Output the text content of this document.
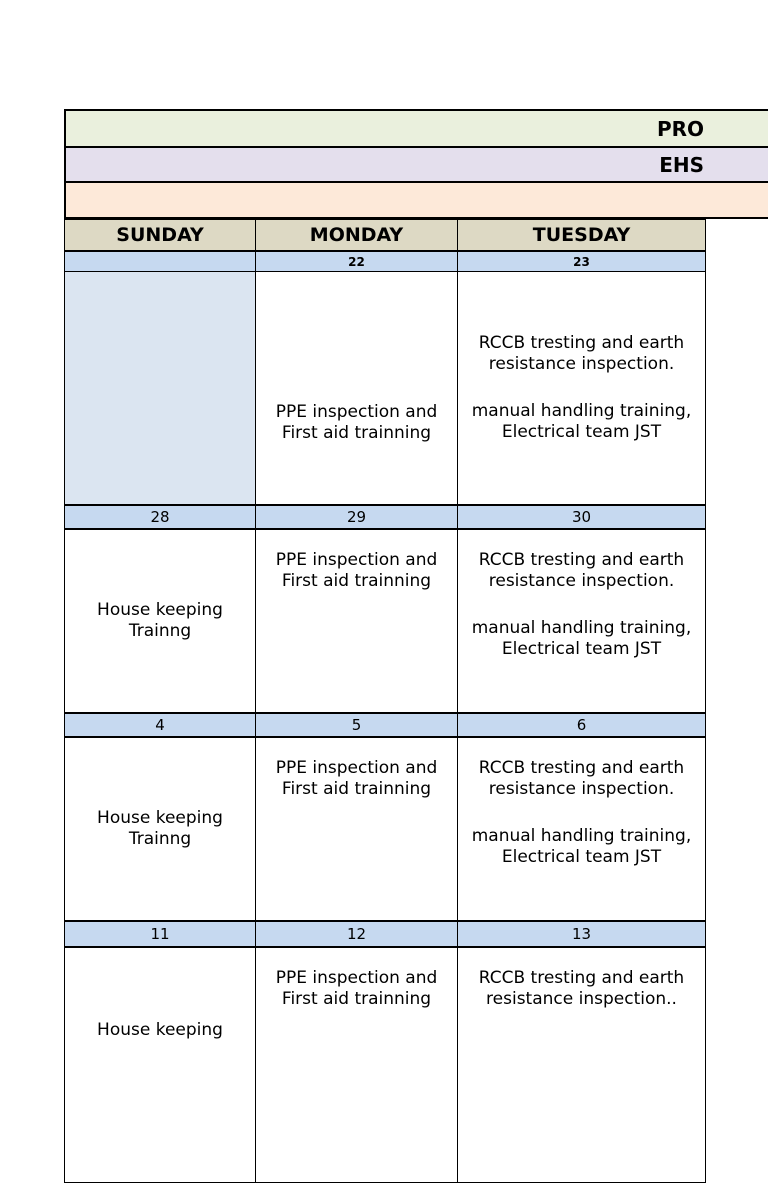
PRO
EHS
SUNDAY	MONDAY	TUESDAY
	22	23

	PPE inspection and First aid trainning	RCCB tresting and earth resistance inspection.
manual handling training, Electrical team JST

28	29	30

House keeping Trainng	PPE inspection and First aid trainning	RCCB tresting and earth resistance inspection.
manual handling training, Electrical team JST

4	5	6

House keeping Trainng	PPE inspection and First aid trainning	RCCB tresting and earth resistance inspection.
manual handling training, Electrical team JST

11	12	13

House keeping	PPE inspection and First aid trainning	RCCB tresting and earth resistance inspection..
